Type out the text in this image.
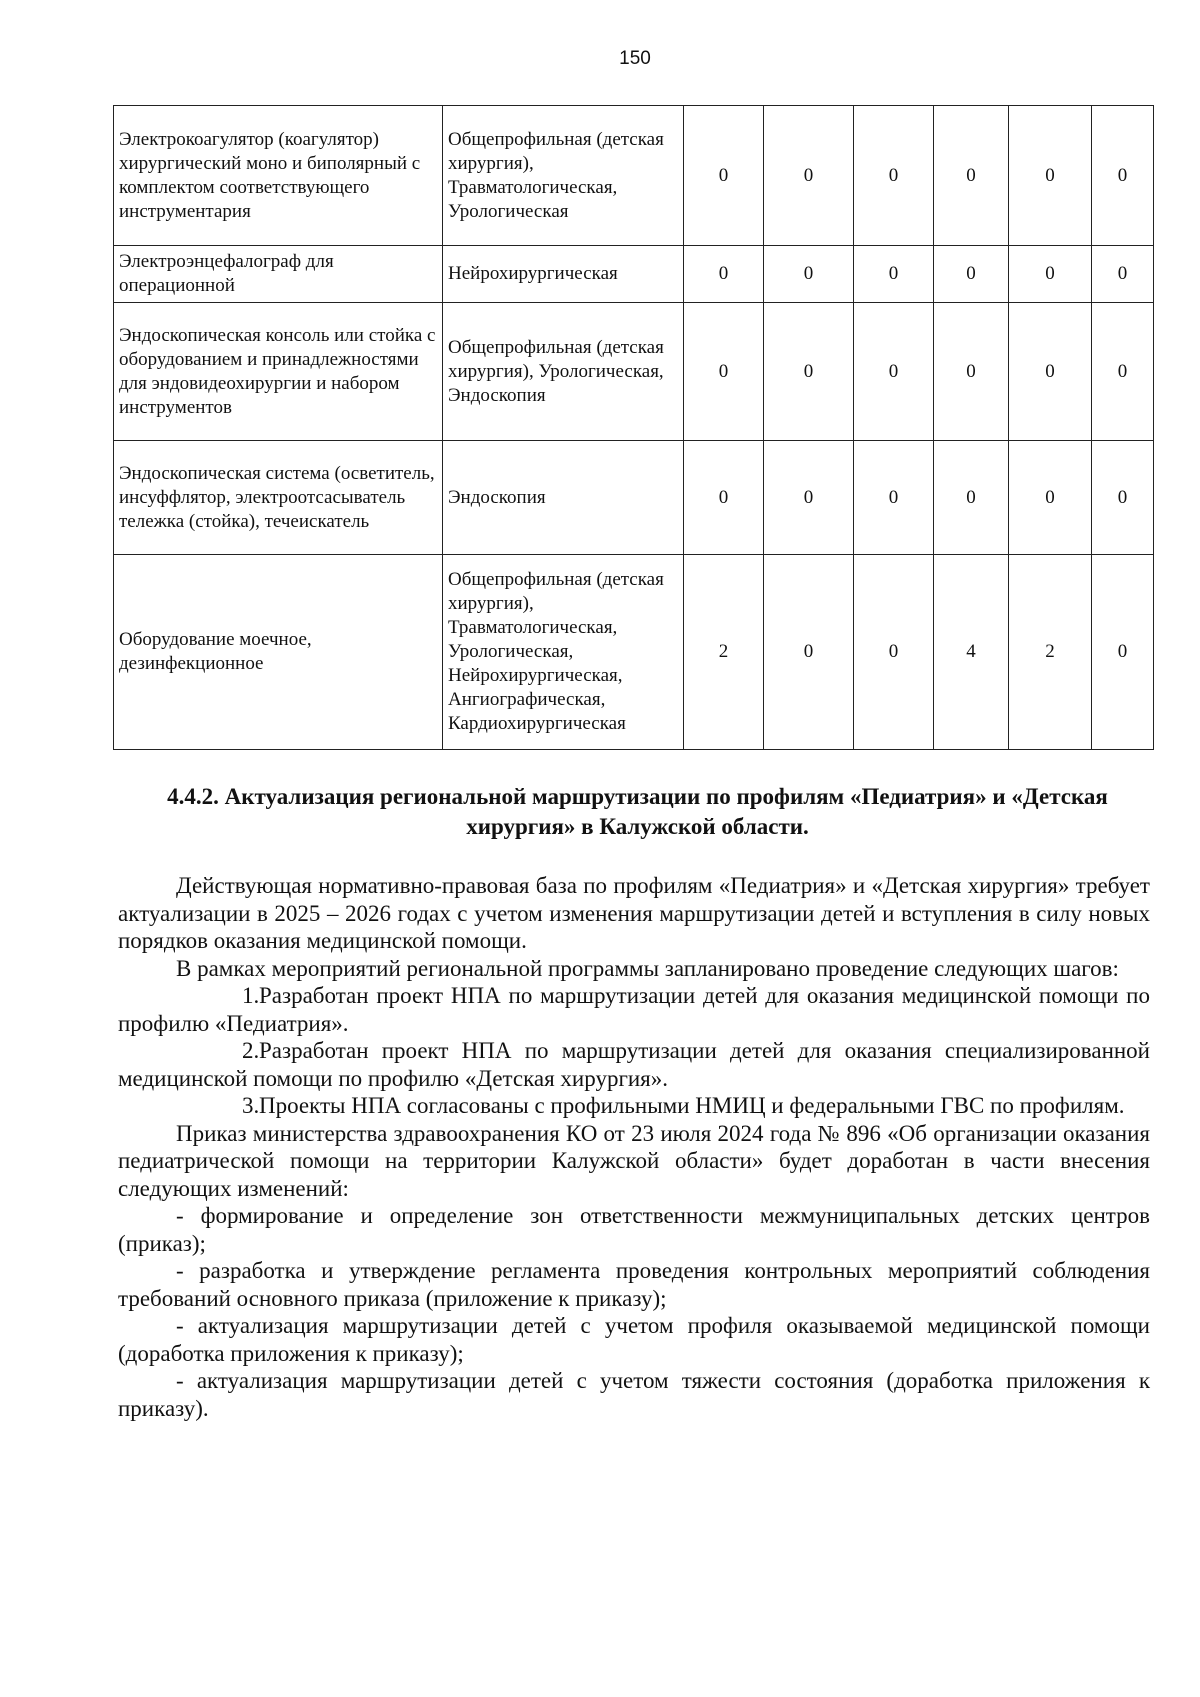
150
Электрокоагулятор (коагулятор) хирургический моно и биполярный с комплектом соответствующего инструментария	Общепрофильная (детская хирургия), Травматологическая, Урологическая	0	0	0	0	0	0
Электроэнцефалограф для операционной	Нейрохирургическая	0	0	0	0	0	0
Эндоскопическая консоль или стойка с оборудованием и принадлежностями для эндовидеохирургии и набором инструментов	Общепрофильная (детская хирургия), Урологическая, Эндоскопия	0	0	0	0	0	0
Эндоскопическая система (осветитель, инсуффлятор, электроотсасыватель тележка (стойка), течеискатель	Эндоскопия	0	0	0	0	0	0
Оборудование моечное, дезинфекционное	Общепрофильная (детская хирургия), Травматологическая, Урологическая, Нейрохирургическая, Ангиографическая, Кардиохирургическая	2	0	0	4	2	0
4.4.2. Актуализация региональной маршрутизации по профилям «Педиатрия» и «Детская хирургия» в Калужской области.

Действующая нормативно-правовая база по профилям «Педиатрия» и «Детская хирургия» требует актуализации в 2025 – 2026 годах с учетом изменения маршрутизации детей и вступления в силу новых порядков оказания медицинской помощи.

В рамках мероприятий региональной программы запланировано проведение следующих шагов:

1.Разработан проект НПА по маршрутизации детей для оказания медицинской помощи по профилю «Педиатрия».

2.Разработан проект НПА по маршрутизации детей для оказания специализированной медицинской помощи по профилю «Детская хирургия».

3.Проекты НПА согласованы с профильными НМИЦ и федеральными ГВС по профилям.

Приказ министерства здравоохранения КО от 23 июля 2024 года № 896 «Об организации оказания педиатрической помощи на территории Калужской области» будет доработан в части внесения следующих изменений:

- формирование и определение зон ответственности межмуниципальных детских центров (приказ);

- разработка и утверждение регламента проведения контрольных мероприятий соблюдения требований основного приказа (приложение к приказу);

- актуализация маршрутизации детей с учетом профиля оказываемой медицинской помощи (доработка приложения к приказу);

- актуализация маршрутизации детей с учетом тяжести состояния (доработка приложения к приказу).
